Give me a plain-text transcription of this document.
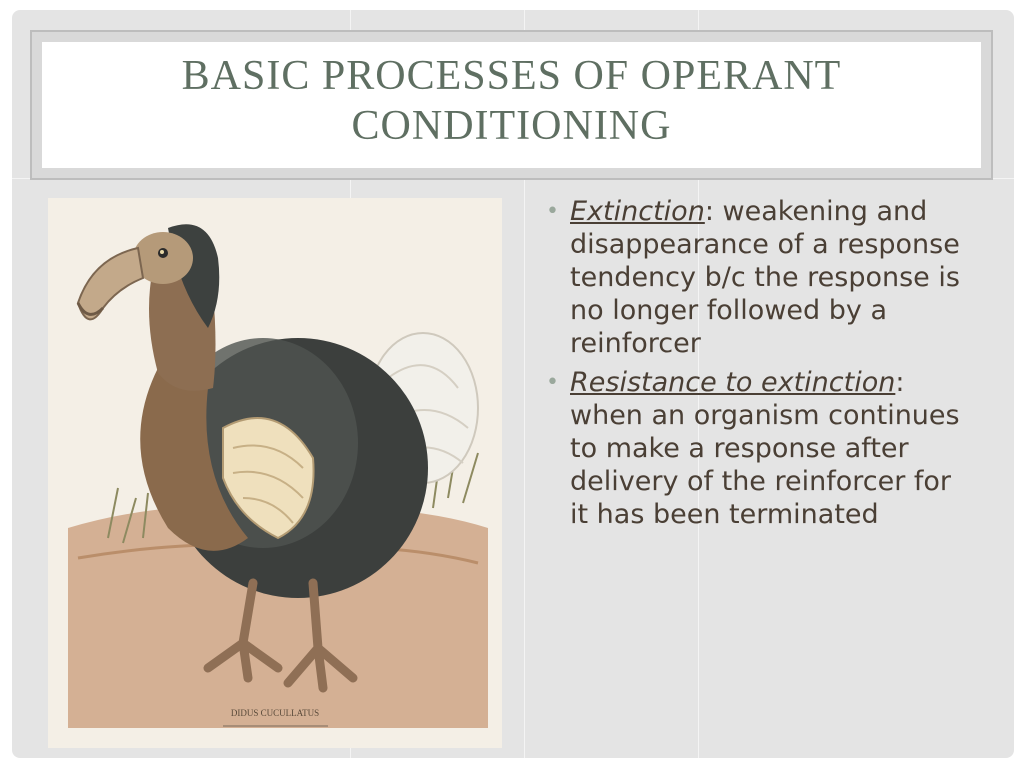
BASIC PROCESSES OF OPERANT
CONDITIONING
DIDUS CUCULLATUS
• Extinction: weakening and disappearance of a response tendency b/c the response is no longer followed by a reinforcer
• Resistance to extinction: when an organism continues to make a response after delivery of the reinforcer for it has been terminated
